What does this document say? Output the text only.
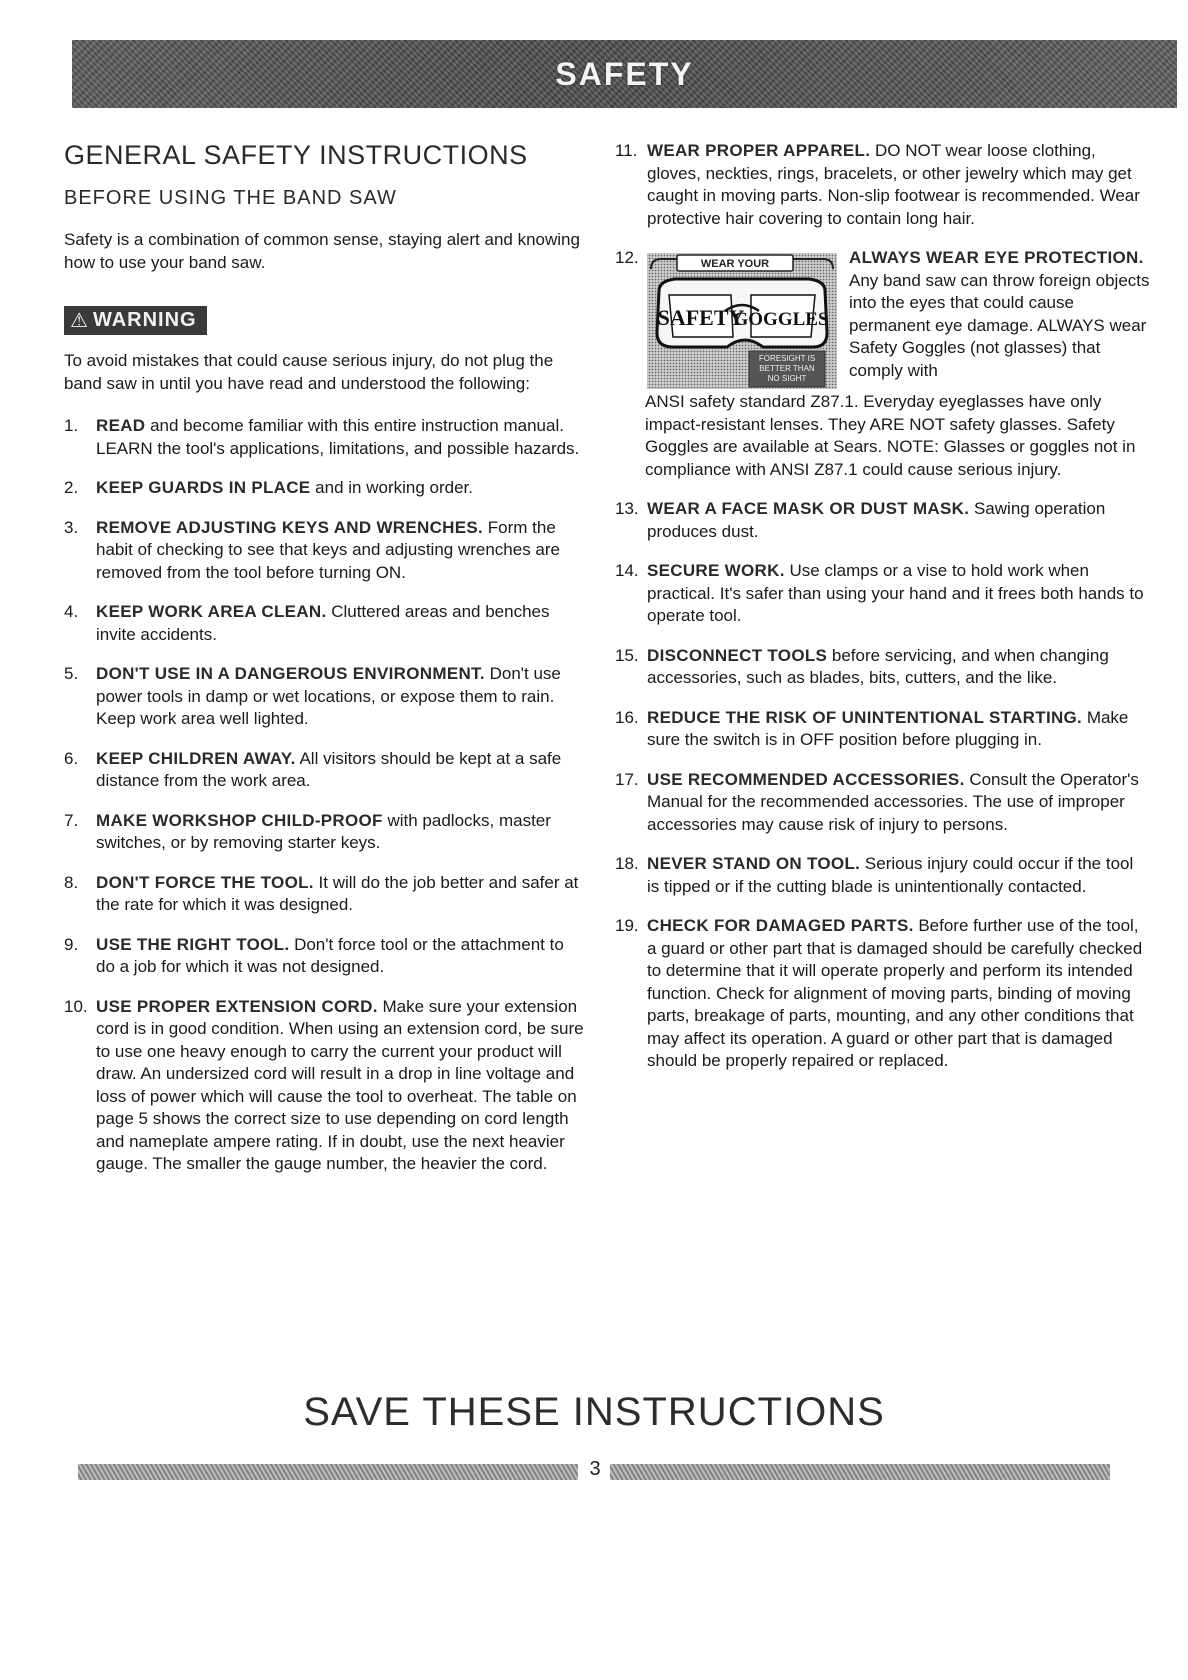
SAFETY
GENERAL SAFETY INSTRUCTIONS
BEFORE USING THE BAND SAW

Safety is a combination of common sense, staying alert and knowing how to use your band saw.

⚠ WARNING

To avoid mistakes that could cause serious injury, do not plug the band saw in until you have read and understood the following:

1.	READ and become familiar with this entire instruction manual. LEARN the tool's applications, limitations, and possible hazards.
2.	KEEP GUARDS IN PLACE and in working order.
3.	REMOVE ADJUSTING KEYS AND WRENCHES. Form the habit of checking to see that keys and adjusting wrenches are removed from the tool before turning ON.
4.	KEEP WORK AREA CLEAN. Cluttered areas and benches invite accidents.
5.	DON'T USE IN A DANGEROUS ENVIRONMENT. Don't use power tools in damp or wet locations, or expose them to rain. Keep work area well lighted.
6.	KEEP CHILDREN AWAY. All visitors should be kept at a safe distance from the work area.
7.	MAKE WORKSHOP CHILD-PROOF with padlocks, master switches, or by removing starter keys.
8.	DON'T FORCE THE TOOL. It will do the job better and safer at the rate for which it was designed.
9.	USE THE RIGHT TOOL. Don't force tool or the attachment to do a job for which it was not designed.
10. USE PROPER EXTENSION CORD. Make sure your extension cord is in good condition. When using an extension cord, be sure to use one heavy enough to carry the current your product will draw. An undersized cord will result in a drop in line voltage and loss of power which will cause the tool to overheat. The table on page 5 shows the correct size to use depending on cord length and nameplate ampere rating. If in doubt, use the next heavier gauge. The smaller the gauge number, the heavier the cord.
11. WEAR PROPER APPAREL. DO NOT wear loose clothing, gloves, neckties, rings, bracelets, or other jewelry which may get caught in moving parts. Non-slip footwear is recommended. Wear protective hair covering to contain long hair.
12.	WEAR YOUR
SAFETY
GOGGLES
FORESIGHT IS
BETTER THAN
NO SIGHT
ALWAYS WEAR EYE PROTECTION. Any band saw can throw foreign objects into the eyes that could cause permanent eye damage. ALWAYS wear Safety Goggles (not glasses) that comply with
ANSI safety standard Z87.1. Everyday eyeglasses have only impact-resistant lenses. They ARE NOT safety glasses. Safety Goggles are available at Sears. NOTE: Glasses or goggles not in compliance with ANSI Z87.1 could cause serious injury.
13. WEAR A FACE MASK OR DUST MASK. Sawing operation produces dust.
14. SECURE WORK. Use clamps or a vise to hold work when practical. It's safer than using your hand and it frees both hands to operate tool.
15. DISCONNECT TOOLS before servicing, and when changing accessories, such as blades, bits, cutters, and the like.
16. REDUCE THE RISK OF UNINTENTIONAL STARTING. Make sure the switch is in OFF position before plugging in.
17. USE RECOMMENDED ACCESSORIES. Consult the Operator's Manual for the recommended accessories. The use of improper accessories may cause risk of injury to persons.
18. NEVER STAND ON TOOL. Serious injury could occur if the tool is tipped or if the cutting blade is unintentionally contacted.
19. CHECK FOR DAMAGED PARTS. Before further use of the tool, a guard or other part that is damaged should be carefully checked to determine that it will operate properly and perform its intended function. Check for alignment of moving parts, binding of moving parts, breakage of parts, mounting, and any other conditions that may affect its operation. A guard or other part that is damaged should be properly repaired or replaced.
SAVE THESE INSTRUCTIONS
3
